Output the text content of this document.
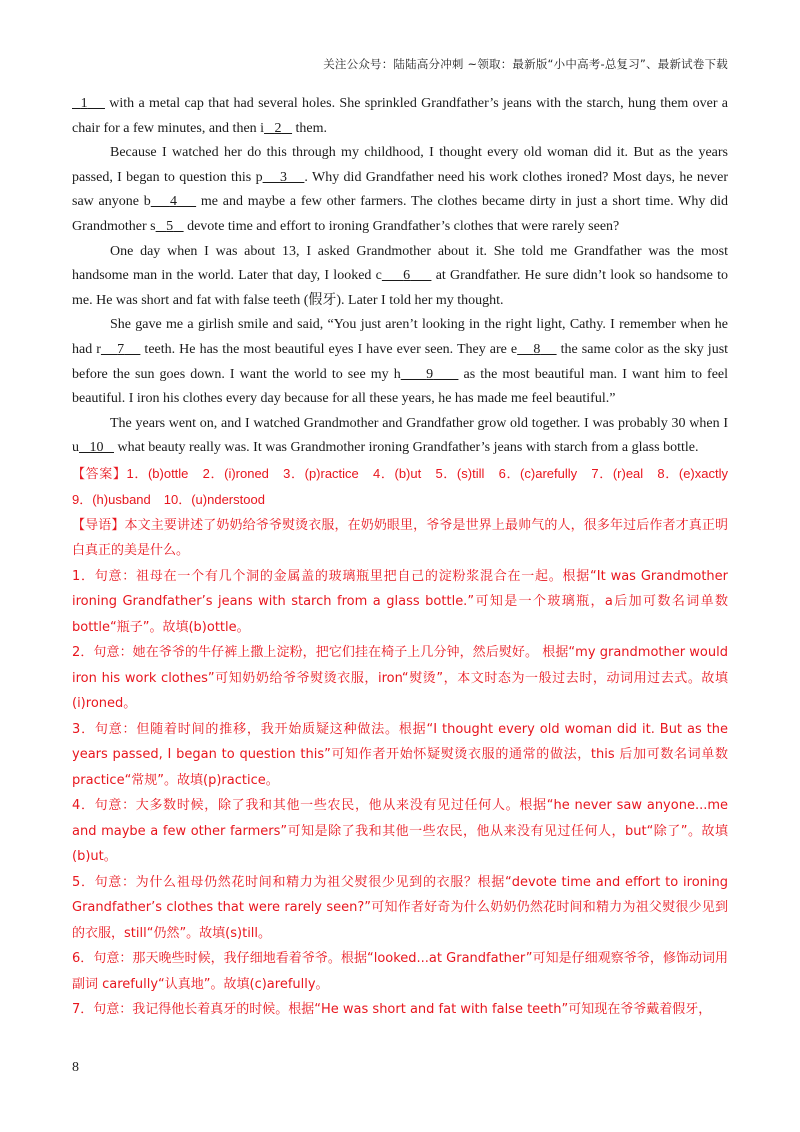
关注公众号：陆陆高分冲刺 ~领取：最新版“小中高考-总复习”、最新试卷下载

1     with a metal cap that had several holes. She sprinkled Grandfather’s jeans with the starch, hung them over a chair for a few minutes, and then i 2    them.

Because I watched her do this through my childhood, I thought every old woman did it. But as the years passed, I began to question this p 3 . Why did Grandfather need his work clothes ironed? Most days, he never saw anyone b 4     me and maybe a few other farmers. The clothes became dirty in just a short time. Why did Grandmother s 5    devote time and effort to ironing Grandfather’s clothes that were rarely seen?

One day when I was about 13, I asked Grandmother about it. She told me Grandfather was the most handsome man in the world. Later that day, I looked c 6      at Grandfather. He sure didn’t look so handsome to me. He was short and fat with false teeth (假牙). Later I told her my thought.

She gave me a girlish smile and said, “You just aren’t looking in the right light, Cathy. I remember when he had r 7     teeth. He has the most beautiful eyes I have ever seen. They are e 8     the same color as the sky just before the sun goes down. I want the world to see my h 9      as the most beautiful man. I want him to feel beautiful. I iron his clothes every day because for all these years, he has made me feel beautiful.”

The years went on, and I watched Grandmother and Grandfather grow old together. I was probably 30 when I u 10    what beauty really was. It was Grandmother ironing Grandfather’s jeans with starch from a glass bottle.

【答案】1．(b)ottle　2．(i)roned　3．(p)ractice　4．(b)ut　5．(s)till　6．(c)arefully　7．(r)eal　8．(e)xactly　9．(h)usband　10．(u)nderstood

【导语】本文主要讲述了奶奶给爷爷熨烫衣服，在奶奶眼里，爷爷是世界上最帅气的人，很多年过后作者才真正明白真正的美是什么。

1．句意：祖母在一个有几个洞的金属盖的玻璃瓶里把自己的淀粉浆混合在一起。根据“It was Grandmother ironing Grandfather’s jeans with starch from a glass bottle.”可知是一个玻璃瓶，a后加可数名词单数 bottle“瓶子”。故填(b)ottle。

2．句意：她在爷爷的牛仔裤上撒上淀粉，把它们挂在椅子上几分钟，然后熨好。 根据“my grandmother would iron his work clothes”可知奶奶给爷爷熨烫衣服，iron“熨烫”，本文时态为一般过去时，动词用过去式。故填(i)roned。

3．句意：但随着时间的推移，我开始质疑这种做法。根据“I thought every old woman did it. But as the years passed, I began to question this”可知作者开始怀疑熨烫衣服的通常的做法，this 后加可数名词单数 practice“常规”。故填(p)ractice。

4．句意：大多数时候，除了我和其他一些农民，他从来没有见过任何人。根据“he never saw anyone...me and maybe a few other farmers”可知是除了我和其他一些农民，他从来没有见过任何人，but“除了”。故填(b)ut。

5．句意：为什么祖母仍然花时间和精力为祖父熨很少见到的衣服？根据“devote time and effort to ironing Grandfather’s clothes that were rarely seen?”可知作者好奇为什么奶奶仍然花时间和精力为祖父熨很少见到的衣服，still“仍然”。故填(s)till。

6．句意：那天晚些时候，我仔细地看着爷爷。根据“looked...at Grandfather”可知是仔细观察爷爷，修饰动词用副词 carefully“认真地”。故填(c)arefully。

7．句意：我记得他长着真牙的时候。根据“He was short and fat with false teeth”可知现在爷爷戴着假牙，

8
